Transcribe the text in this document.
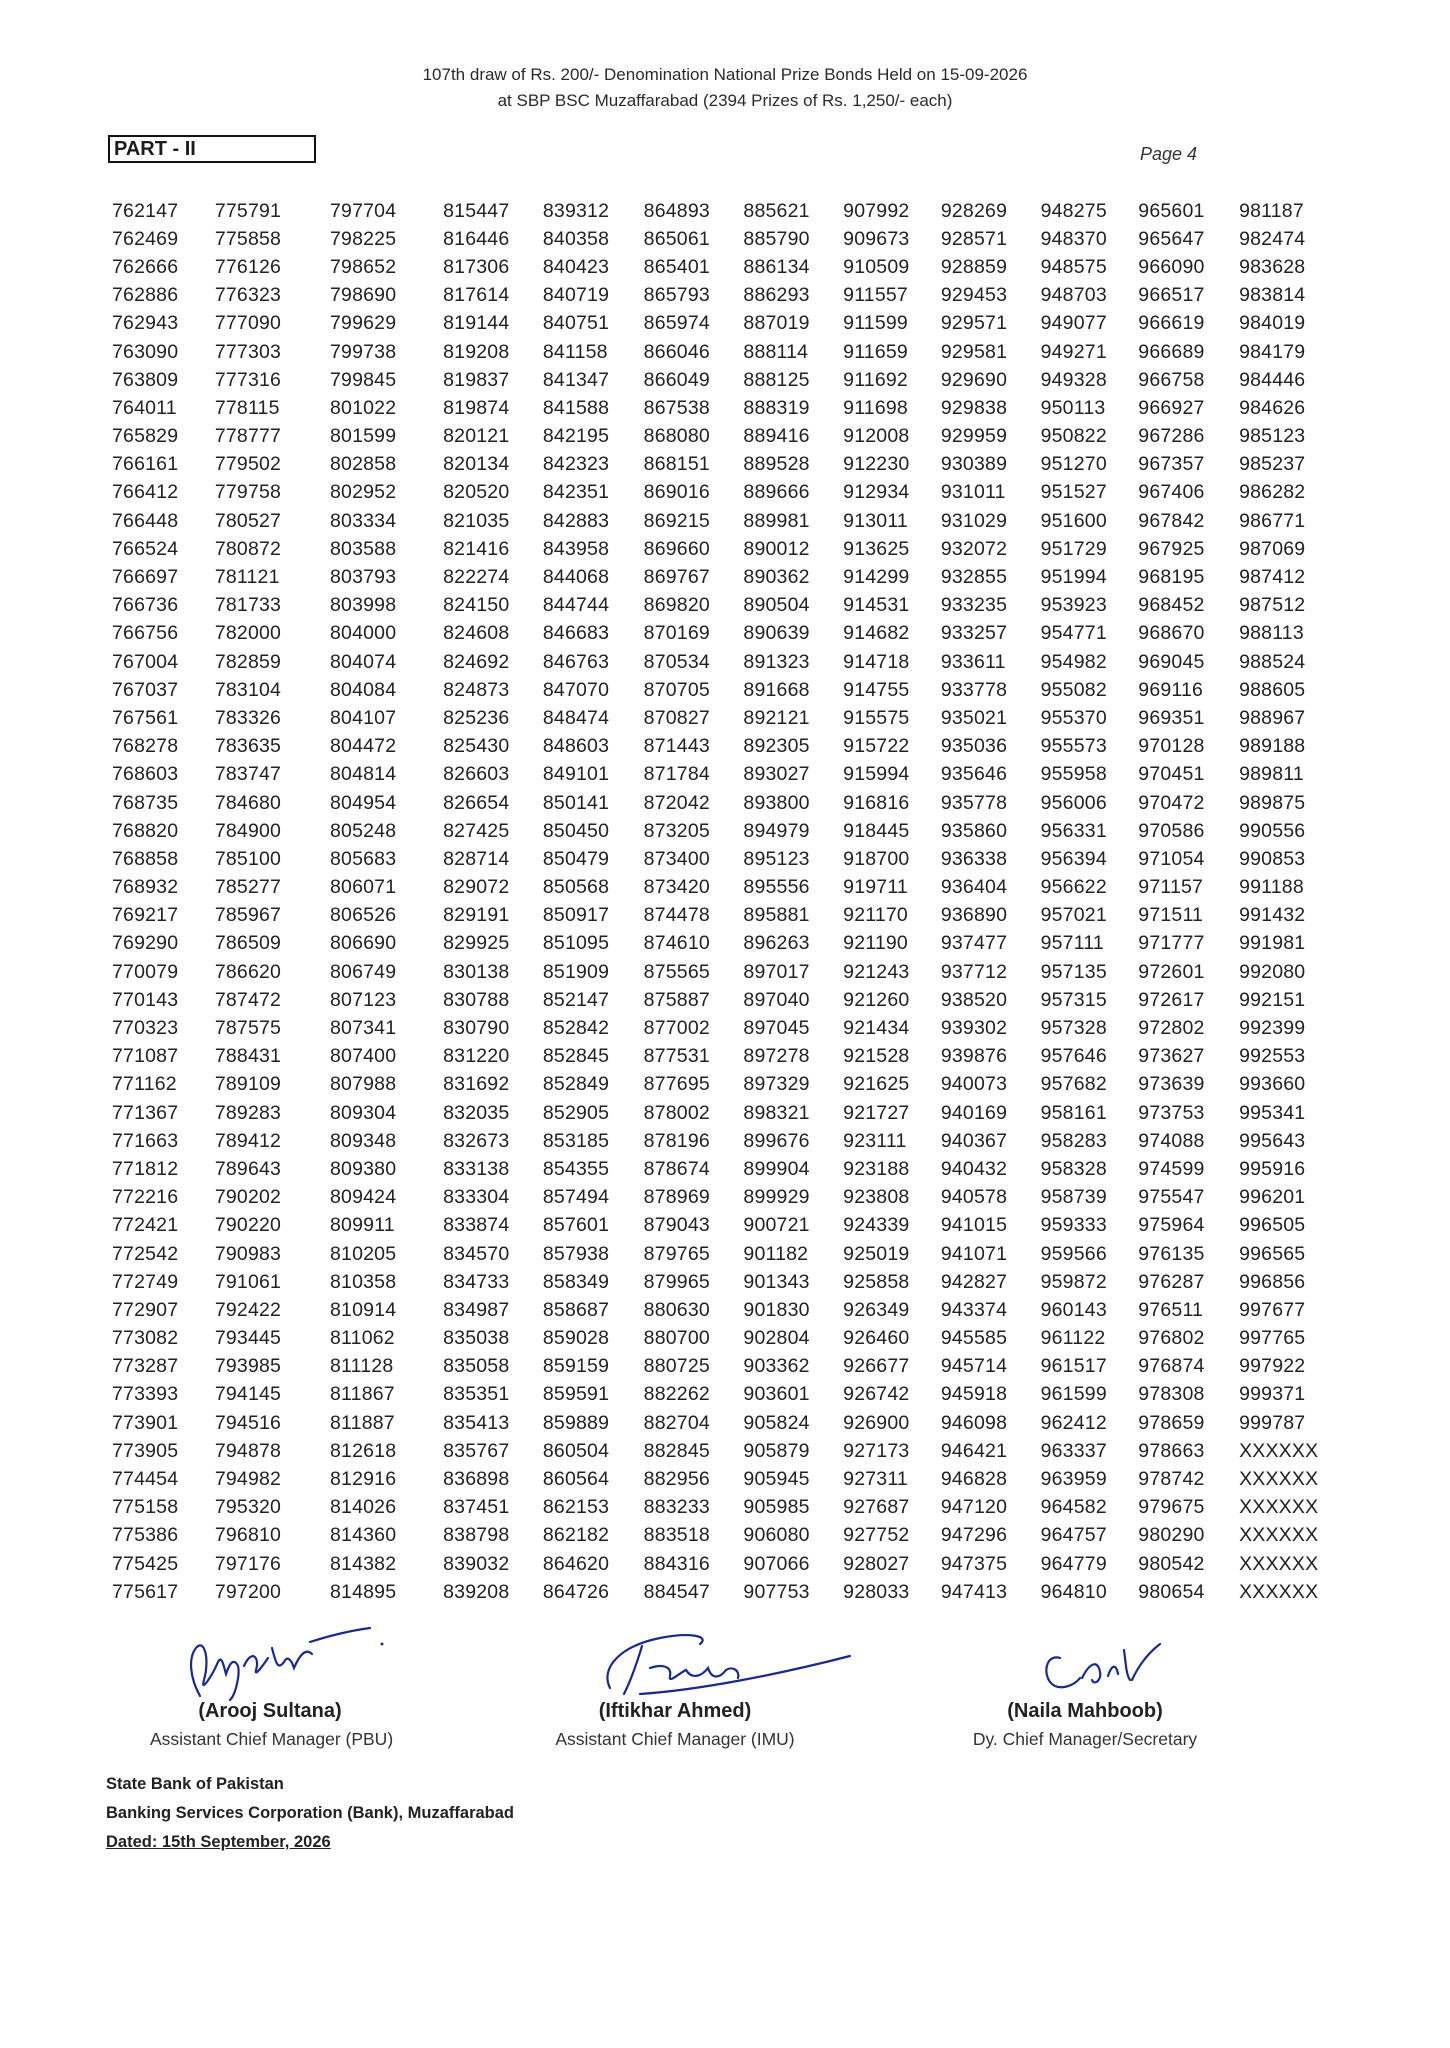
107th draw of Rs. 200/- Denomination National Prize Bonds Held on 15-09-2026
at SBP BSC Muzaffarabad (2394 Prizes of Rs. 1,250/- each)
PART - II	Page 4
762147	775791	797704	815447	839312	864893	885621	907992	928269	948275	965601	981187
762469	775858	798225	816446	840358	865061	885790	909673	928571	948370	965647	982474
762666	776126	798652	817306	840423	865401	886134	910509	928859	948575	966090	983628
762886	776323	798690	817614	840719	865793	886293	911557	929453	948703	966517	983814
762943	777090	799629	819144	840751	865974	887019	911599	929571	949077	966619	984019
763090	777303	799738	819208	841158	866046	888114	911659	929581	949271	966689	984179
763809	777316	799845	819837	841347	866049	888125	911692	929690	949328	966758	984446
764011	778115	801022	819874	841588	867538	888319	911698	929838	950113	966927	984626
765829	778777	801599	820121	842195	868080	889416	912008	929959	950822	967286	985123
766161	779502	802858	820134	842323	868151	889528	912230	930389	951270	967357	985237
766412	779758	802952	820520	842351	869016	889666	912934	931011	951527	967406	986282
766448	780527	803334	821035	842883	869215	889981	913011	931029	951600	967842	986771
766524	780872	803588	821416	843958	869660	890012	913625	932072	951729	967925	987069
766697	781121	803793	822274	844068	869767	890362	914299	932855	951994	968195	987412
766736	781733	803998	824150	844744	869820	890504	914531	933235	953923	968452	987512
766756	782000	804000	824608	846683	870169	890639	914682	933257	954771	968670	988113
767004	782859	804074	824692	846763	870534	891323	914718	933611	954982	969045	988524
767037	783104	804084	824873	847070	870705	891668	914755	933778	955082	969116	988605
767561	783326	804107	825236	848474	870827	892121	915575	935021	955370	969351	988967
768278	783635	804472	825430	848603	871443	892305	915722	935036	955573	970128	989188
768603	783747	804814	826603	849101	871784	893027	915994	935646	955958	970451	989811
768735	784680	804954	826654	850141	872042	893800	916816	935778	956006	970472	989875
768820	784900	805248	827425	850450	873205	894979	918445	935860	956331	970586	990556
768858	785100	805683	828714	850479	873400	895123	918700	936338	956394	971054	990853
768932	785277	806071	829072	850568	873420	895556	919711	936404	956622	971157	991188
769217	785967	806526	829191	850917	874478	895881	921170	936890	957021	971511	991432
769290	786509	806690	829925	851095	874610	896263	921190	937477	957111	971777	991981
770079	786620	806749	830138	851909	875565	897017	921243	937712	957135	972601	992080
770143	787472	807123	830788	852147	875887	897040	921260	938520	957315	972617	992151
770323	787575	807341	830790	852842	877002	897045	921434	939302	957328	972802	992399
771087	788431	807400	831220	852845	877531	897278	921528	939876	957646	973627	992553
771162	789109	807988	831692	852849	877695	897329	921625	940073	957682	973639	993660
771367	789283	809304	832035	852905	878002	898321	921727	940169	958161	973753	995341
771663	789412	809348	832673	853185	878196	899676	923111	940367	958283	974088	995643
771812	789643	809380	833138	854355	878674	899904	923188	940432	958328	974599	995916
772216	790202	809424	833304	857494	878969	899929	923808	940578	958739	975547	996201
772421	790220	809911	833874	857601	879043	900721	924339	941015	959333	975964	996505
772542	790983	810205	834570	857938	879765	901182	925019	941071	959566	976135	996565
772749	791061	810358	834733	858349	879965	901343	925858	942827	959872	976287	996856
772907	792422	810914	834987	858687	880630	901830	926349	943374	960143	976511	997677
773082	793445	811062	835038	859028	880700	902804	926460	945585	961122	976802	997765
773287	793985	811128	835058	859159	880725	903362	926677	945714	961517	976874	997922
773393	794145	811867	835351	859591	882262	903601	926742	945918	961599	978308	999371
773901	794516	811887	835413	859889	882704	905824	926900	946098	962412	978659	999787
773905	794878	812618	835767	860504	882845	905879	927173	946421	963337	978663	XXXXXX
774454	794982	812916	836898	860564	882956	905945	927311	946828	963959	978742	XXXXXX
775158	795320	814026	837451	862153	883233	905985	927687	947120	964582	979675	XXXXXX
775386	796810	814360	838798	862182	883518	906080	927752	947296	964757	980290	XXXXXX
775425	797176	814382	839032	864620	884316	907066	928027	947375	964779	980542	XXXXXX
775617	797200	814895	839208	864726	884547	907753	928033	947413	964810	980654	XXXXXX
(Arooj Sultana)
Assistant Chief Manager (PBU)
(Iftikhar Ahmed)
Assistant Chief Manager (IMU)
(Naila Mahboob)
Dy. Chief Manager/Secretary
State Bank of Pakistan
Banking Services Corporation (Bank), Muzaffarabad
Dated: 15th September, 2026
